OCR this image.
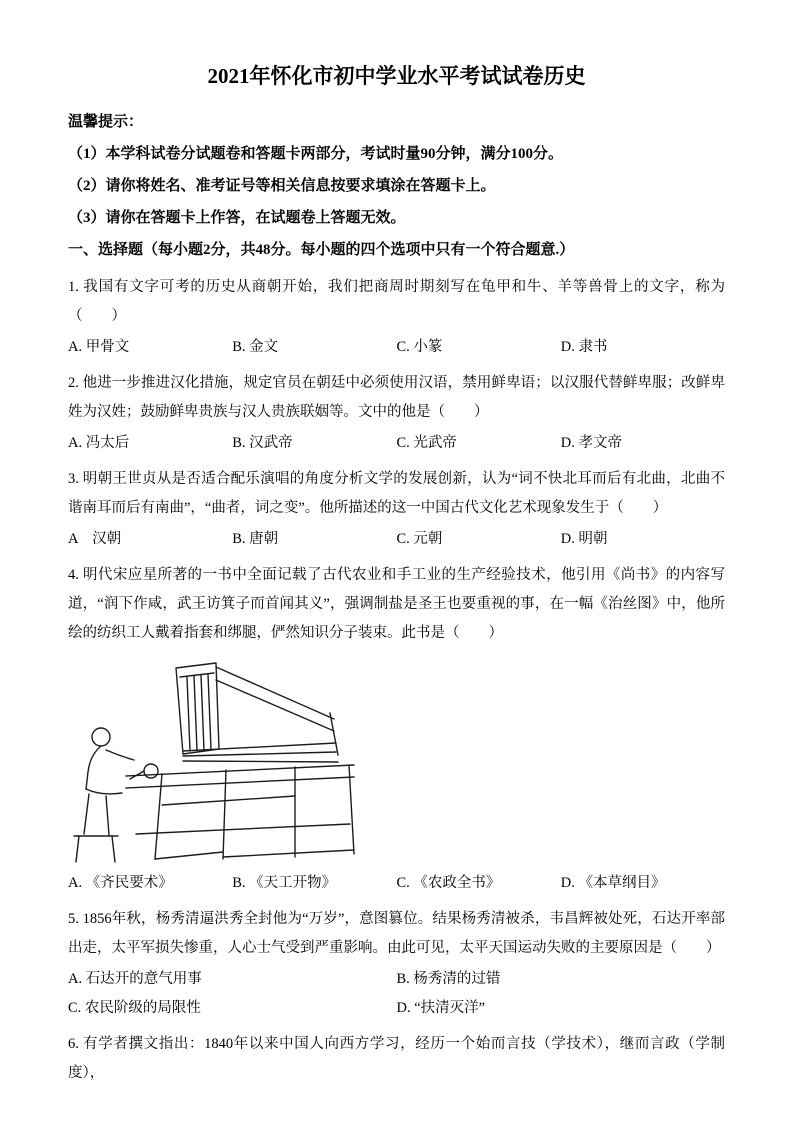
2021年怀化市初中学业水平考试试卷历史

温馨提示：

（1）本学科试卷分试题卷和答题卡两部分，考试时量90分钟，满分100分。

（2）请你将姓名、准考证号等相关信息按要求填涂在答题卡上。

（3）请你在答题卡上作答，在试题卷上答题无效。

一、选择题（每小题2分，共48分。每小题的四个选项中只有一个符合题意.）

1. 我国有文字可考的历史从商朝开始，我们把商周时期刻写在龟甲和牛、羊等兽骨上的文字，称为（　　）

A. 甲骨文	B. 金文	C. 小篆	D. 隶书

2. 他进一步推进汉化措施，规定官员在朝廷中必须使用汉语，禁用鲜卑语；以汉服代替鲜卑服；改鲜卑姓为汉姓；鼓励鲜卑贵族与汉人贵族联姻等。文中的他是（　　）

A. 冯太后	B. 汉武帝	C. 光武帝	D. 孝文帝

3. 明朝王世贞从是否适合配乐演唱的角度分析文学的发展创新，认为“词不快北耳而后有北曲，北曲不谐南耳而后有南曲”，“曲者，词之变”。他所描述的这一中国古代文化艺术现象发生于（　　）

A　汉朝	B. 唐朝	C. 元朝	D. 明朝

4. 明代宋应星所著的一书中全面记载了古代农业和手工业的生产经验技术，他引用《尚书》的内容写道，“润下作咸，武王访箕子而首闻其义”，强调制盐是圣王也要重视的事，在一幅《治丝图》中，他所绘的纺织工人戴着指套和绑腿，俨然知识分子装束。此书是（　　）

A. 《齐民要术》	B. 《天工开物》	C. 《农政全书》	D. 《本草纲目》

5. 1856年秋，杨秀清逼洪秀全封他为“万岁”，意图篡位。结果杨秀清被杀，韦昌辉被处死，石达开率部出走，太平军损失惨重，人心士气受到严重影响。由此可见，太平天国运动失败的主要原因是（　　）

A. 石达开的意气用事	B. 杨秀清的过错
C. 农民阶级的局限性	D. “扶清灭洋”

6. 有学者撰文指出：1840年以来中国人向西方学习，经历一个始而言技（学技术），继而言政（学制度），
